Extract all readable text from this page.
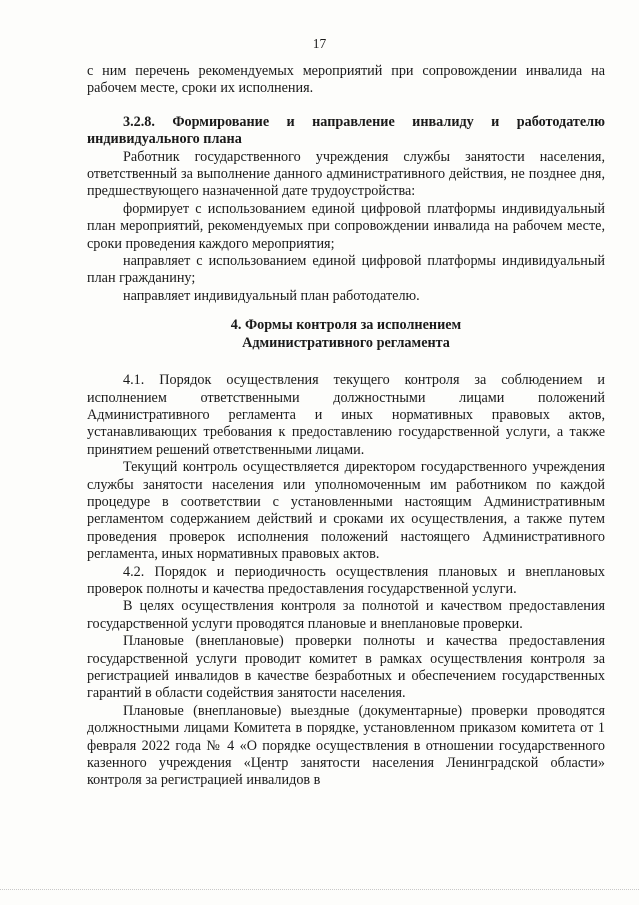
17

с ним перечень рекомендуемых мероприятий при сопровождении инвалида на рабочем месте, сроки их исполнения.

3.2.8. Формирование и направление инвалиду и работодателю индивидуального плана

Работник государственного учреждения службы занятости населения, ответственный за выполнение данного административного действия, не позднее дня, предшествующего назначенной дате трудоустройства:

формирует с использованием единой цифровой платформы индивидуальный план мероприятий, рекомендуемых при сопровождении инвалида на рабочем месте, сроки проведения каждого мероприятия;

направляет с использованием единой цифровой платформы индивидуальный план гражданину;

направляет индивидуальный план работодателю.

4. Формы контроля за исполнением
Административного регламента

4.1. Порядок осуществления текущего контроля за соблюдением и исполнением ответственными должностными лицами положений Административного регламента и иных нормативных правовых актов, устанавливающих требования к предоставлению государственной услуги, а также принятием решений ответственными лицами.

Текущий контроль осуществляется директором государственного учреждения службы занятости населения или уполномоченным им работником по каждой процедуре в соответствии с установленными настоящим Административным регламентом содержанием действий и сроками их осуществления, а также путем проведения проверок исполнения положений настоящего Административного регламента, иных нормативных правовых актов.

4.2. Порядок и периодичность осуществления плановых и внеплановых проверок полноты и качества предоставления государственной услуги.

В целях осуществления контроля за полнотой и качеством предоставления государственной услуги проводятся плановые и внеплановые проверки.

Плановые (внеплановые) проверки полноты и качества предоставления государственной услуги проводит комитет в рамках осуществления контроля за регистрацией инвалидов в качестве безработных и обеспечением государственных гарантий в области содействия занятости населения.

Плановые (внеплановые) выездные (документарные) проверки проводятся должностными лицами Комитета в порядке, установленном приказом комитета от 1 февраля 2022 года № 4 «О порядке осуществления в отношении государственного казенного учреждения «Центр занятости населения Ленинградской области» контроля за регистрацией инвалидов в
